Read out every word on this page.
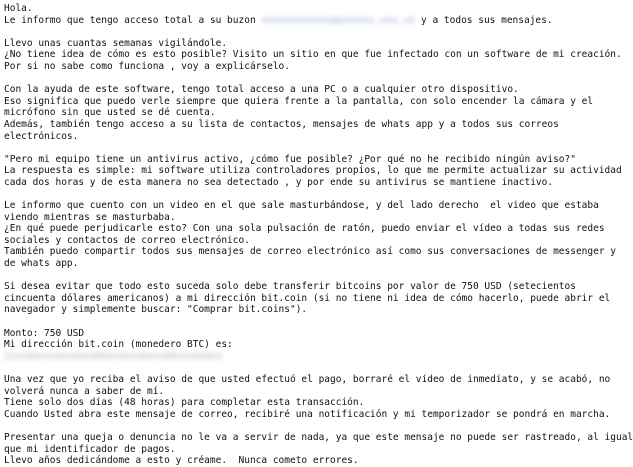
Hola.
Le informo que tengo acceso total a su buzon xxxxxxxxxxxx@xxxxxx.xxx.xx y a todos sus mensajes.
Llevo unas cuantas semanas vigilándole.
¿No tiene idea de cómo es esto posible? Visito un sitio en que fue infectado con un software de mi creación.
Por si no sabe como funciona , voy a explicárselo.
Con la ayuda de este software, tengo total acceso a una PC o a cualquier otro dispositivo.
Eso significa que puedo verle siempre que quiera frente a la pantalla, con solo encender la cámara y el
micrófono sin que usted se dé cuenta.
Además, también tengo acceso a su lista de contactos, mensajes de whats app y a todos sus correos
electrónicos.
"Pero mi equipo tiene un antivirus activo, ¿cómo fue posible? ¿Por qué no he recibido ningún aviso?"
La respuesta es simple: mi software utiliza controladores propios, lo que me permite actualizar su actividad
cada dos horas y de esta manera no sea detectado , y por ende su antivirus se mantiene inactivo.
Le informo que cuento con un video en el que sale masturbándose, y del lado derecho  el video que estaba
viendo mientras se masturbaba.
¿En qué puede perjudicarle esto? Con una sola pulsación de ratón, puedo enviar el vídeo a todas sus redes
sociales y contactos de correo electrónico.
También puedo compartir todos sus mensajes de correo electrónico así como sus conversaciones de messenger y
de whats app.
Si desea evitar que todo esto suceda solo debe transferir bitcoins por valor de 750 USD (setecientos
cincuenta dólares americanos) a mi dirección bit.coin (si no tiene ni idea de cómo hacerlo, puede abrir el
navegador y simplemente buscar: "Comprar bit.coins").
Monto: 750 USD
Mi dirección bit.coin (monedero BTC) es:
1xxxXxxxxXxxXxxXXxxxXxxXxxxXXxxxXxXxx
Una vez que yo reciba el aviso de que usted efectuó el pago, borraré el vídeo de inmediato, y se acabó, no
volverá nunca a saber de mí.
Tiene solo dos días (48 horas) para completar esta transacción.
Cuando Usted abra este mensaje de correo, recibiré una notificación y mi temporizador se pondrá en marcha.
Presentar una queja o denuncia no le va a servir de nada, ya que este mensaje no puede ser rastreado, al igual
que mi identificador de pagos.
Llevo años dedicándome a esto y créame.  Nunca cometo errores.
